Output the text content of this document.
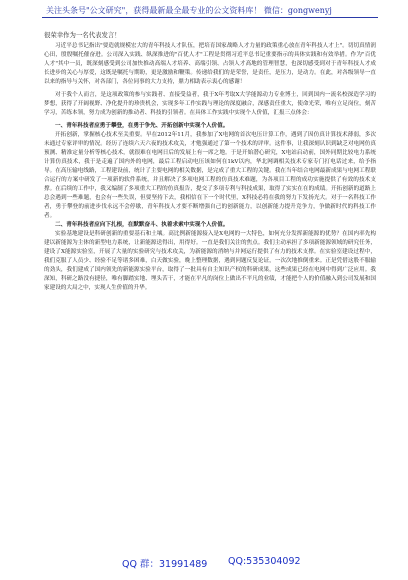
关注头条号"公文研究"，获得最新最全最专业的公文资料库！ 微信：gongwenyj

很荣幸作为一名代表发言！

习近平总书记指出"要造就规模宏大的青年科技人才队伍，把培育国家战略人才力量的政策重心放在青年科技人才上"。切切真情润心田，殷殷嘱托催奋进。公司深入实践、纵深推进的"百优人才"工程是贯彻习近平总书记重要指示的具体实践和有效举措。作为"百优人才"其中一员，既深刻感受到公司加快推动高端人才培养、高端引领、占领人才高地的管理智慧，也深切感受到对于青年科技人才成长进步的关心与厚爱，这既是嘱托与期盼，更是激励和鞭策。传递给我们的是荣誉，是责任，是压力，是动力。在此，对各级领导一直以来的指导与关怀，对各部门，各位同事的大力支持，鼎力相助表示衷心的感谢！

对于我个人而言，是这项政策的参与实践者、直接受益者，我于X年考取X大学能源动力专业博士，回到国内一流名校深造学习的梦想，获得了开阔视野、净化提升的珍贵机会，实现多年工作实践与理论的深度融合，深感责任重大，使命光荣，唯有立足岗位，刻苦学习，苦练本领，努力成为创新的推动者、科技的引领者。在具体工作实践中实现个人价值，汇报三点体会：

一、青年科技者应勇于攀登，在勇于争先、开拓创新中实现个人价值。

开拓创新，掌握核心技术至关重要。早在2012年11月，我参加了X电网的首次电压计算工作，遇到了因仿真计算技术薄弱，多次未通过专家评审的情况。经历了连续六天六夜的技术攻关，才勉强通过了第一个技术的评审。这件事，让我深刻认识到缺乏对电网仿真预测、精准定量分析等核心技术，就很难在电网日后的发展上有一席之地。于是开始潜心研究，X电站启动前，国外同期比较电力系统计算仿真技术，我于是走遍了国内外的电网，最后工程启动电压该如何在1kV以内，华北网调相关技术专家专门打电话过来，给予指导。在高压输电线路，工程建设前，统计了主要电网的相关数据，是完成了重大工程的关键。我在当年结合电网最新成果与电网工程联合运行的方案中研发了一项新的软件系统，并且解决了多项电网工程的仿真技术难题，为各项目工程的成功实施提供了有效的技术支撑。在后续的工作中，我又编制了多项重大工程的仿真报告，提交了多项专利与科技成果，取得了实实在在的成绩。开拓创新的道路上总会遇到一些难题，也会有一些失误，但要坚持下去，我相信在下一个时代里，X科技必将在我的努力下发扬光大。对于一名科技工作者，勇于攀登的前进步伐永远不会停歇，青年科技人才要不断增强自己的创新能力，以创新能力提升竞争力，争做新时代的科技工作者。

二、青年科技者应向下扎根，在默默奋斗、执着求索中实现个人价值。

实验基地建设是科研创新的重要基石和土壤。高比例新能源接入是X电网的一大特色，如何充分发挥新能源的优势？在国内率先构建以新能源为主体的新型电力系统，让新能源送得出，用得好。一直是我们关注的焦点。我们主动承担了多项新能源领域的研究任务，建设了X能源实验室，开展了大量的实验研究与技术攻关，为新能源的消纳与并网运行提供了有力的技术支撑。在实验室建设过程中，我们克服了人员少、经验不足等诸多困难，白天做实验，晚上整理数据，遇到问题反复论证，一次次地推倒重来。正是凭借这股不服输的劲头，我们建成了国内领先的新能源实验平台，取得了一批具有自主知识产权的科研成果，这些成果已经在电网中得到广泛应用。我深知，科研之路没有捷径，唯有脚踏实地、埋头苦干，才能在平凡的岗位上做出不平凡的业绩，才能把个人的价值融入到公司发展和国家建设的大局之中，实现人生价值的升华。

QQ 群：31991489 QQ:535304092
